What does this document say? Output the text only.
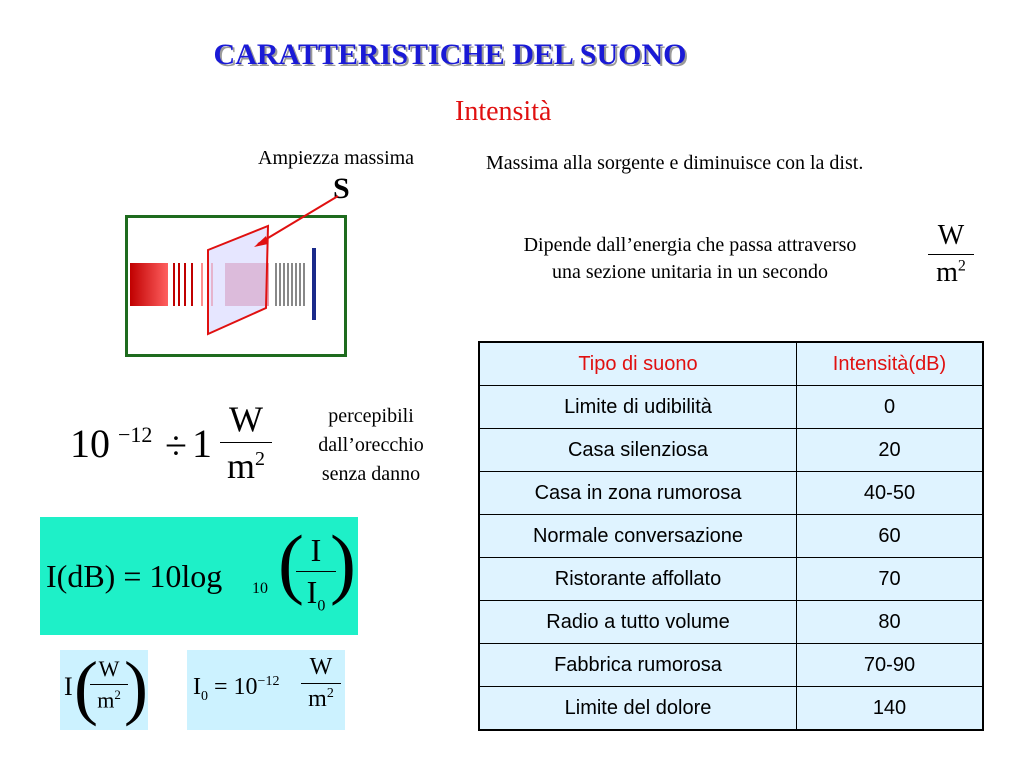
CARATTERISTICHE DEL SUONO
Intensità
Ampiezza massima
S
Massima alla sorgente e diminuisce con la dist.
Dipende dall’energia che passa attraverso
una sezione unitaria in un secondo
W
$m^2$
10 −12 ÷ 1
W
$m^2$
percepibili
dall’orecchio
senza danno
I(dB) = 10log 10 ( I
$I_0$ )
I ( W
$m^2$ ) $I_0 = 10^{-12}$
W
$m^2$
Tipo di suono	Intensità(dB)
Limite di udibilità	0
Casa silenziosa	20
Casa in zona rumorosa	40-50
Normale conversazione	60
Ristorante affollato	70
Radio a tutto volume	80
Fabbrica rumorosa	70-90
Limite del dolore	140
